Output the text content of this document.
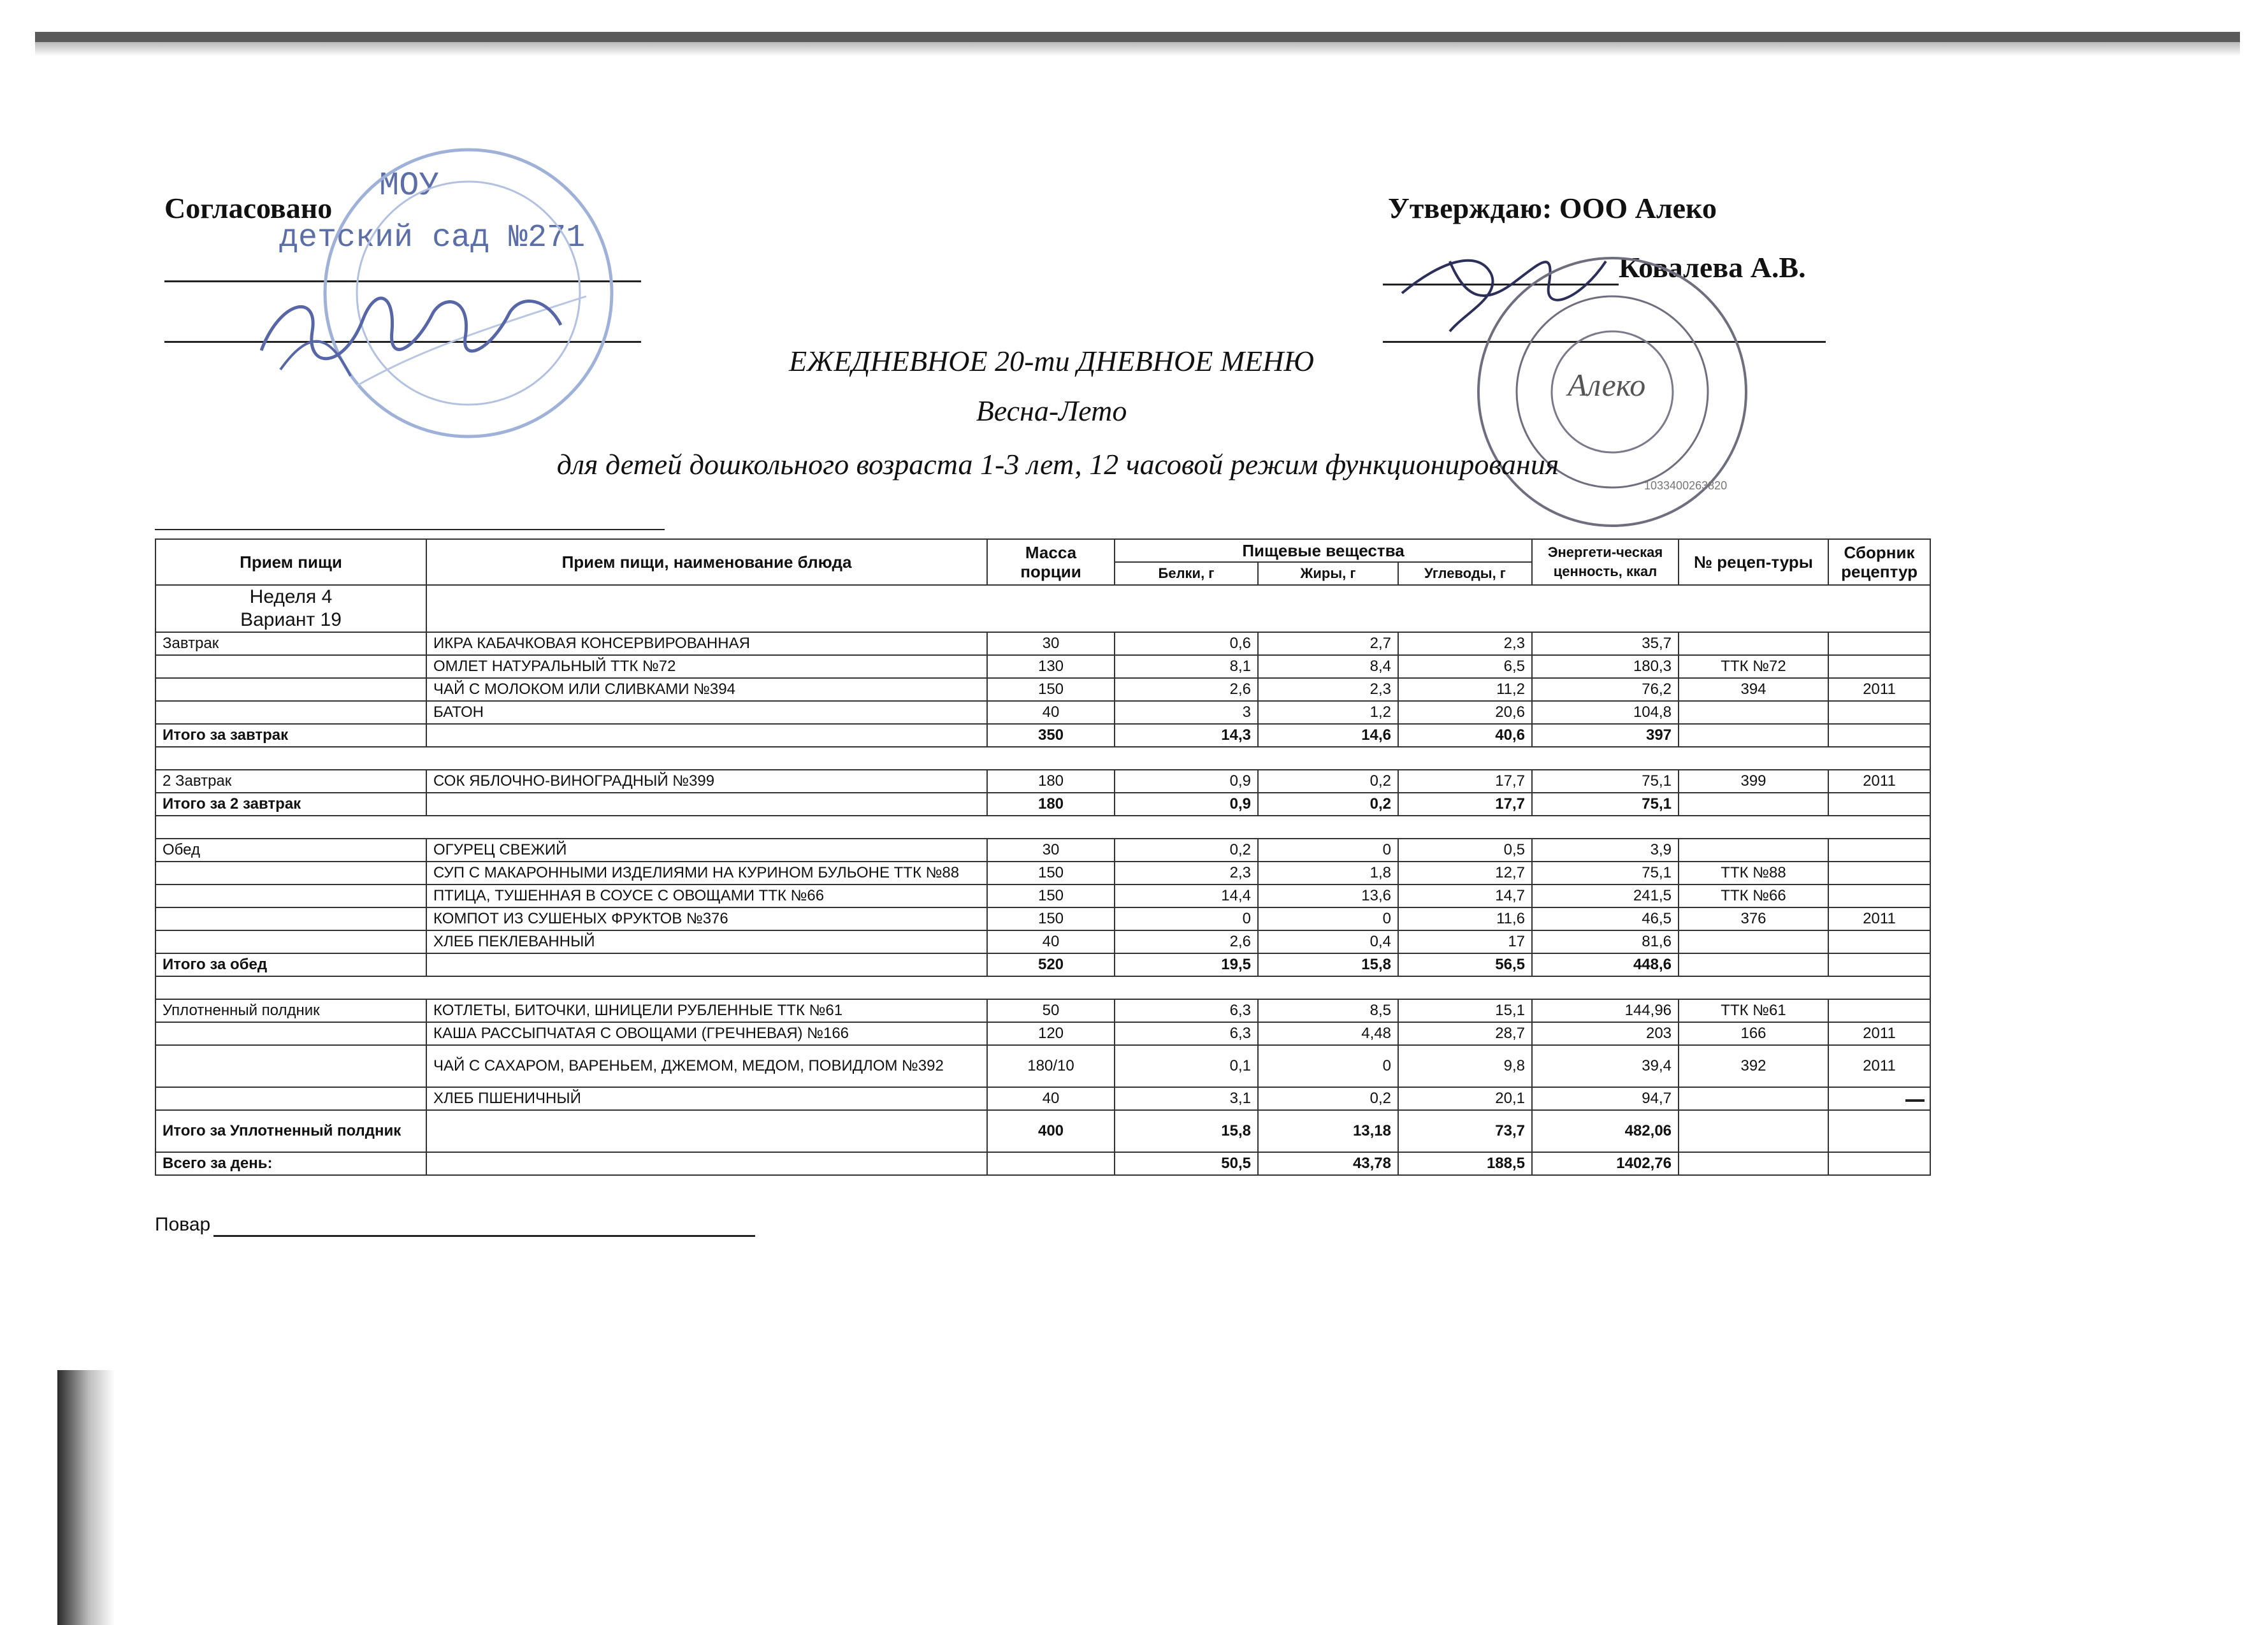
Согласовано
МОУ
детский сад №271
Утверждаю: ООО Алеко
Ковалева А.В.
Алеко
1033400263820
ЕЖЕДНЕВНОЕ 20-ти ДНЕВНОЕ МЕНЮ
Весна-Лето
для детей дошкольного возраста 1-3 лет, 12 часовой режим функционирования
Прием пищи	Прием пищи, наименование блюда	Масса порции	Пищевые вещества			Энергети-ческая ценность, ккал	№ рецеп-туры	Сборник рецептур
			Белки, г	Жиры, г	Углеводы, г			

Неделя 4
Вариант 19								

Завтрак	ИКРА КАБАЧКОВАЯ КОНСЕРВИРОВАННАЯ	30	0,6	2,7	2,3	35,7		
	ОМЛЕТ НАТУРАЛЬНЫЙ ТТК №72	130	8,1	8,4	6,5	180,3	ТТК №72	
	ЧАЙ С МОЛОКОМ ИЛИ СЛИВКАМИ №394	150	2,6	2,3	11,2	76,2	394	2011
	БАТОН	40	3	1,2	20,6	104,8		
Итого за завтрак		350	14,3	14,6	40,6	397		

2 Завтрак	СОК ЯБЛОЧНО-ВИНОГРАДНЫЙ №399	180	0,9	0,2	17,7	75,1	399	2011
Итого за 2 завтрак		180	0,9	0,2	17,7	75,1		

Обед	ОГУРЕЦ СВЕЖИЙ	30	0,2	0	0,5	3,9		
	СУП С МАКАРОННЫМИ ИЗДЕЛИЯМИ НА КУРИНОМ БУЛЬОНЕ ТТК №88	150	2,3	1,8	12,7	75,1	ТТК №88	
	ПТИЦА, ТУШЕННАЯ В СОУСЕ С ОВОЩАМИ ТТК №66	150	14,4	13,6	14,7	241,5	ТТК №66	
	КОМПОТ ИЗ СУШЕНЫХ ФРУКТОВ №376	150	0	0	11,6	46,5	376	2011
	ХЛЕБ ПЕКЛЕВАННЫЙ	40	2,6	0,4	17	81,6		
Итого за обед		520	19,5	15,8	56,5	448,6		

Уплотненный полдник	КОТЛЕТЫ, БИТОЧКИ, ШНИЦЕЛИ РУБЛЕННЫЕ ТТК №61	50	6,3	8,5	15,1	144,96	ТТК №61	
	КАША РАССЫПЧАТАЯ С ОВОЩАМИ (ГРЕЧНЕВАЯ) №166	120	6,3	4,48	28,7	203	166	2011
	ЧАЙ С САХАРОМ, ВАРЕНЬЕМ, ДЖЕМОМ, МЕДОМ, ПОВИДЛОМ №392	180/10	0,1	0	9,8	39,4	392	2011
	ХЛЕБ ПШЕНИЧНЫЙ	40	3,1	0,2	20,1	94,7		
Итого за Уплотненный полдник		400	15,8	13,18	73,7	482,06		
Всего за день:			50,5	43,78	188,5	1402,76		
Повар
